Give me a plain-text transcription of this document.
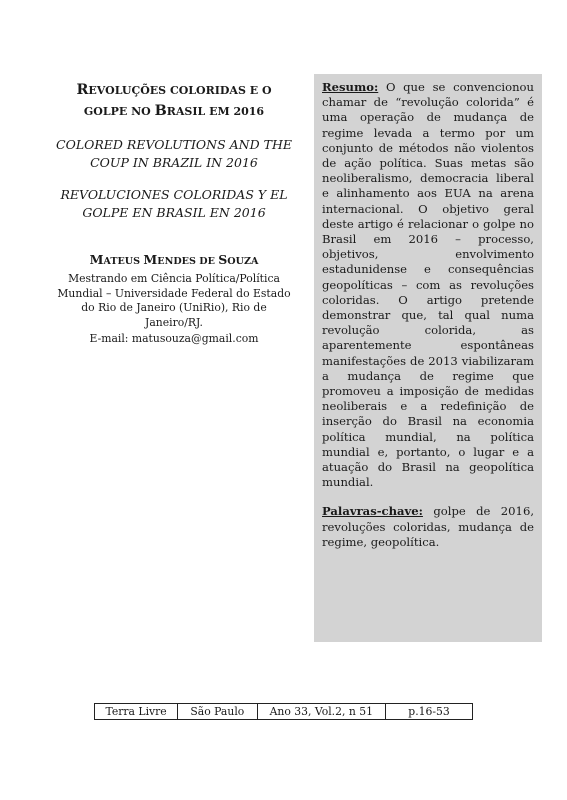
REVOLUÇÕES COLORIDAS E O
GOLPE NO BRASIL EM 2016

COLORED REVOLUTIONS AND THE COUP IN BRAZIL IN 2016

REVOLUCIONES COLORIDAS Y EL GOLPE EN BRASIL EN 2016

MATEUS MENDES DE SOUZA
Mestrando em Ciência Política/Política Mundial – Universidade Federal do Estado do Rio de Janeiro (UniRio), Rio de Janeiro/RJ.
E-mail: matusouza@gmail.com

Resumo: O que se convencionou chamar de “revolução colorida” é uma operação de mudança de regime levada a termo por um conjunto de métodos não violentos de ação política. Suas metas são neoliberalismo, democracia liberal e alinhamento aos EUA na arena internacional. O objetivo geral deste artigo é relacionar o golpe no Brasil em 2016 – processo, objetivos, envolvimento estadunidense e consequências geopolíticas – com as revoluções coloridas. O artigo pretende demonstrar que, tal qual numa revolução colorida, as aparentemente espontâneas manifestações de 2013 viabilizaram a mudança de regime que promoveu a imposição de medidas neoliberais e a redefinição de inserção do Brasil na economia política mundial, na política mundial e, portanto, o lugar e a atuação do Brasil na geopolítica mundial.

Palavras-chave: golpe de 2016, revoluções coloridas, mudança de regime, geopolítica.

Terra Livre	São Paulo	Ano 33, Vol.2, n 51	p.16-53
